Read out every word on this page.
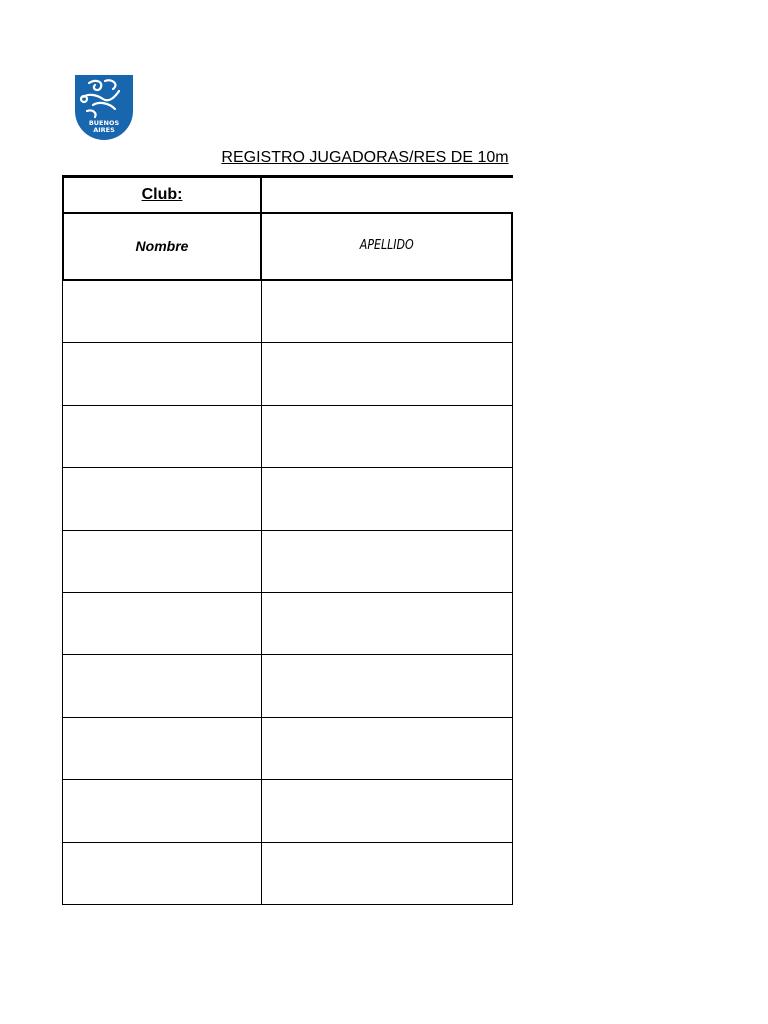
BUENOS
AIRES
REGISTRO JUGADORAS/RES DE 10m
Club:
Nombre	APELLIDO
